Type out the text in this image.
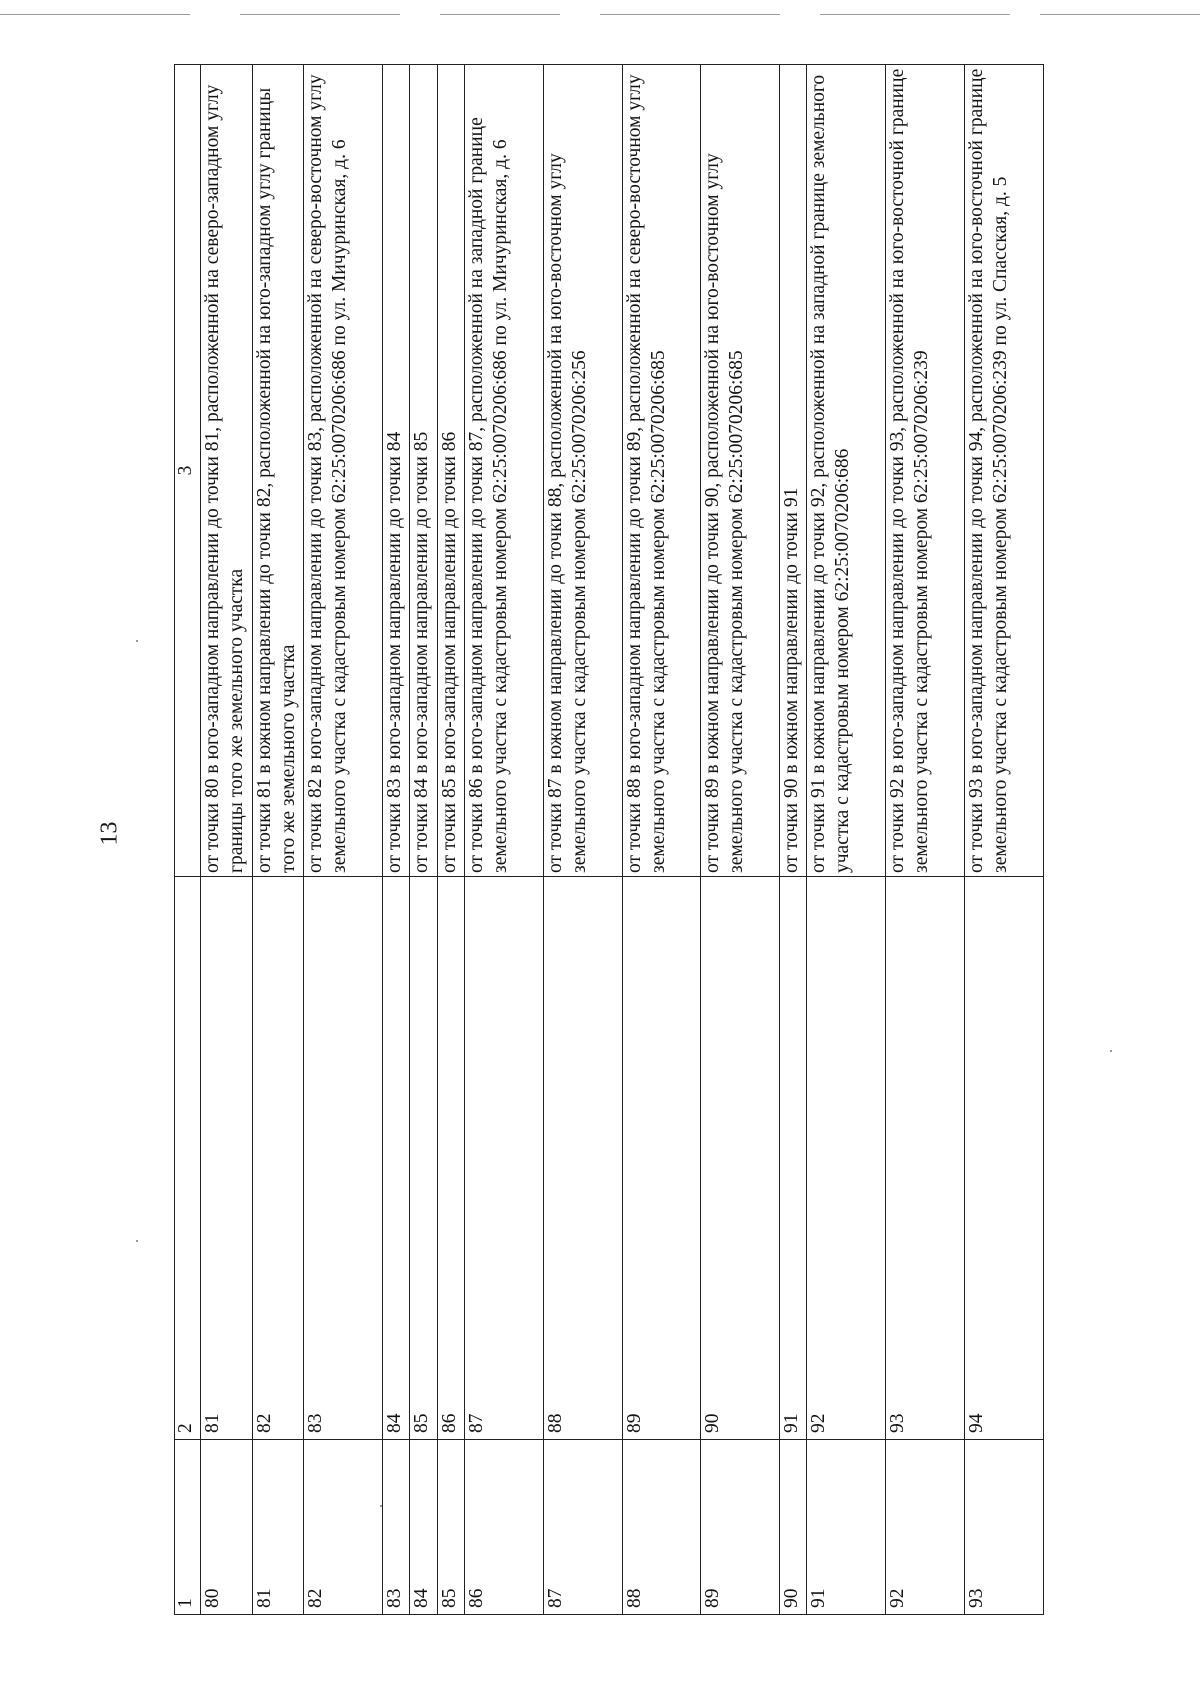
13
1	2	3
80	81	от точки 80 в юго-западном направлении до точки 81, расположенной на северо-западном углу границы того же земельного участка
81	82	от точки 81 в южном направлении до точки 82, расположенной на юго-западном углу границы того же земельного участка
82	83	от точки 82 в юго-западном направлении до точки 83, расположенной на северо-восточном углу земельного участка с кадастровым номером 62:25:0070206:686 по ул. Мичуринская, д. 6
83	84	от точки 83 в юго-западном направлении до точки 84
84	85	от точки 84 в юго-западном направлении до точки 85
85	86	от точки 85 в юго-западном направлении до точки 86
86	87	от точки 86 в юго-западном направлении до точки 87, расположенной на западной границе земельного участка с кадастровым номером 62:25:0070206:686 по ул. Мичуринская, д. 6
87	88	от точки 87 в южном направлении до точки 88, расположенной на юго-восточном углу земельного участка с кадастровым номером 62:25:0070206:256
88	89	от точки 88 в юго-западном направлении до точки 89, расположенной на северо-восточном углу земельного участка с кадастровым номером 62:25:0070206:685
89	90	от точки 89 в южном направлении до точки 90, расположенной на юго-восточном углу земельного участка с кадастровым номером 62:25:0070206:685
90	91	от точки 90 в южном направлении до точки 91
91	92	от точки 91 в южном направлении до точки 92, расположенной на западной границе земельного участка с кадастровым номером 62:25:0070206:686
92	93	от точки 92 в юго-западном направлении до точки 93, расположенной на юго-восточной границе земельного участка с кадастровым номером 62:25:0070206:239
93	94	от точки 93 в юго-западном направлении до точки 94, расположенной на юго-восточной границе земельного участка с кадастровым номером 62:25:0070206:239 по ул. Спасская, д. 5
